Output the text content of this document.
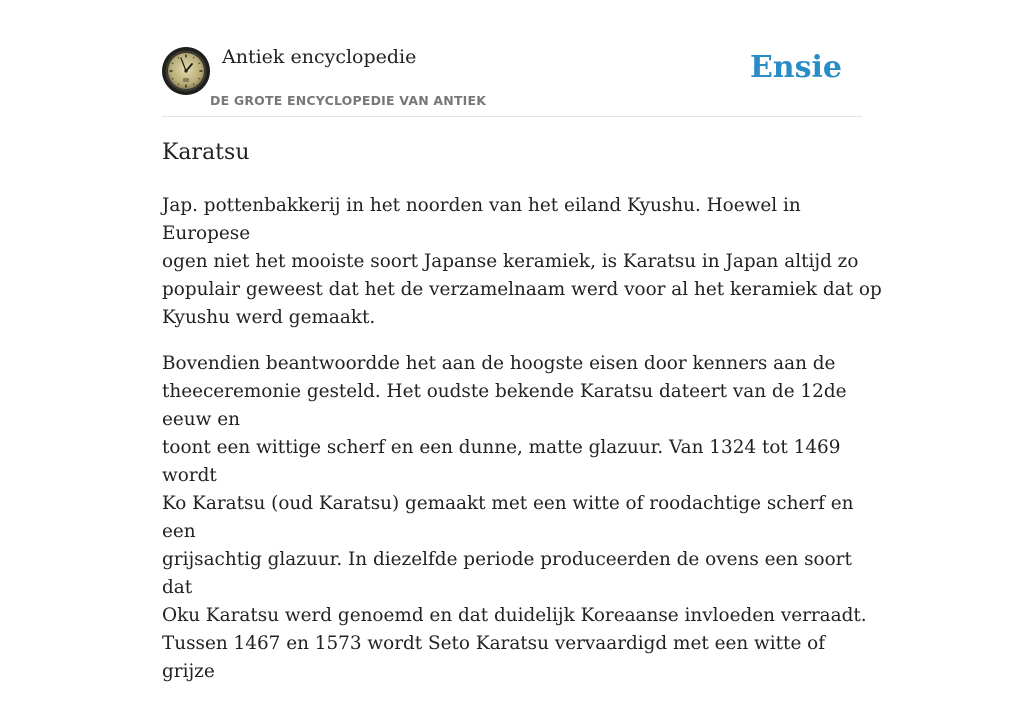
Antiek encyclopedie
DE GROTE ENCYCLOPEDIE VAN ANTIEK
Ensie
Karatsu

Jap. pottenbakkerij in het noorden van het eiland Kyushu. Hoewel in Europese
ogen niet het mooiste soort Japanse keramiek, is Karatsu in Japan altijd zo
populair geweest dat het de verzamelnaam werd voor al het keramiek dat op
Kyushu werd gemaakt.

Bovendien beantwoordde het aan de hoogste eisen door kenners aan de
theeceremonie gesteld. Het oudste bekende Karatsu dateert van de 12de eeuw en
toont een wittige scherf en een dunne, matte glazuur. Van 1324 tot 1469 wordt
Ko Karatsu (oud Karatsu) gemaakt met een witte of roodachtige scherf en een
grijsachtig glazuur. In diezelfde periode produceerden de ovens een soort dat
Oku Karatsu werd genoemd en dat duidelijk Koreaanse invloeden verraadt.
Tussen 1467 en 1573 wordt Seto Karatsu vervaardigd met een witte of grijze
